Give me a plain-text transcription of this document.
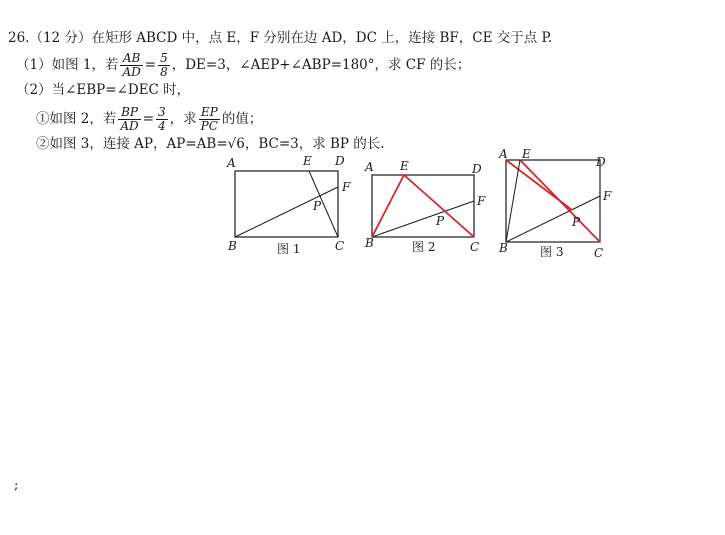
26.（12 分）在矩形 ABCD 中，点 E，F 分别在边 AD，DC 上，连接 BF，CE 交于点 P.
（1）如图 1，若 $\frac{AB}{AD} = \frac{5}{8}$ ，DE=3，∠AEP+∠ABP=180°，求 CF 的长；
（2）当∠EBP=∠DEC 时，
①如图 2，若 $\frac{BP}{AD} = \frac{3}{4}$ ，求 $\frac{EP}{PC}$ 的值；
②如图 3，连接 AP，AP=AB=√6，BC=3，求 BP 的长.
A	E D
F
P
B	C
图 1
A E	D
F
P
B	C
图 2
A E
D
F
P
B	C
图 3
;
